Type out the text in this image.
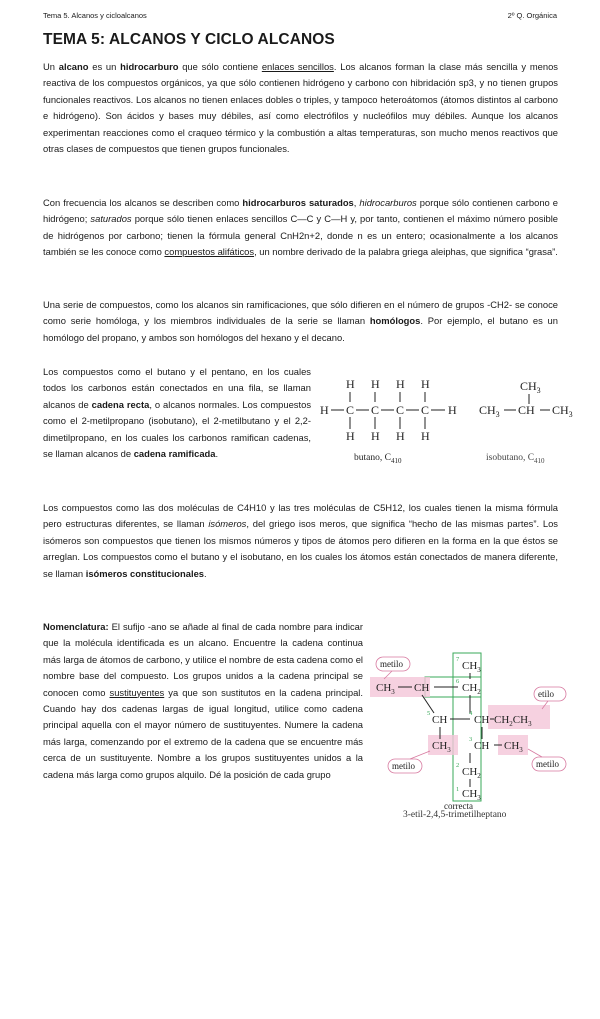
Tema 5. Alcanos y cicloalcanos	2º Q. Orgánica
TEMA 5: ALCANOS Y CICLO ALCANOS
Un alcano es un hidrocarburo que sólo contiene enlaces sencillos. Los alcanos forman la clase más sencilla y menos reactiva de los compuestos orgánicos, ya que sólo contienen hidrógeno y carbono con hibridación sp3, y no tienen grupos funcionales reactivos. Los alcanos no tienen enlaces dobles o triples, y tampoco heteroátomos (átomos distintos al carbono e hidrógeno). Son ácidos y bases muy débiles, así como electrófilos y nucleófilos muy débiles. Aunque los alcanos experimentan reacciones como el craqueo térmico y la combustión a altas temperaturas, son mucho menos reactivos que otras clases de compuestos que tienen grupos funcionales.
Con frecuencia los alcanos se describen como hidrocarburos saturados, hidrocarburos porque sólo contienen carbono e hidrógeno; saturados porque sólo tienen enlaces sencillos C—C y C—H y, por tanto, contienen el máximo número posible de hidrógenos por carbono; tienen la fórmula general CnH2n+2, donde n es un entero; ocasionalmente a los alcanos también se les conoce como compuestos alifáticos, un nombre derivado de la palabra griega aleiphas, que significa “grasa”.
Una serie de compuestos, como los alcanos sin ramificaciones, que sólo difieren en el número de grupos -CH2- se conoce como serie homóloga, y los miembros individuales de la serie se llaman homólogos. Por ejemplo, el butano es un homólogo del propano, y ambos son homólogos del hexano y el decano.
Los compuestos como el butano y el pentano, en los cuales todos los carbonos están conectados en una fila, se llaman alcanos de cadena recta, o alcanos normales. Los compuestos como el 2-metilpropano (isobutano), el 2-metilbutano y el 2,2-dimetilpropano, en los cuales los carbonos ramifican cadenas, se llaman alcanos de cadena ramificada.
H H H H
H C C C C H
H H H H
butano, $C_410$
$CH_3$
$CH_3$ CH $CH_3$
isobutano, $C_410$
Los compuestos como las dos moléculas de C4H10 y las tres moléculas de C5H12, los cuales tienen la misma fórmula pero estructuras diferentes, se llaman isómeros, del griego isos meros, que significa “hecho de las mismas partes”. Los isómeros son compuestos que tienen los mismos números y tipos de átomos pero difieren en la forma en la que éstos se arreglan. Los compuestos como el butano y el isobutano, en los cuales los átomos están conectados de manera diferente, se llaman isómeros constitucionales.
Nomenclatura: El sufijo -ano se añade al final de cada nombre para indicar que la molécula identificada es un alcano. Encuentre la cadena continua más larga de átomos de carbono, y utilice el nombre de esta cadena como el nombre base del compuesto. Los grupos unidos a la cadena principal se conocen como sustituyentes ya que son sustitutos en la cadena principal. Cuando hay dos cadenas largas de igual longitud, utilice como cadena principal aquella con el mayor número de sustituyentes. Numere la cadena más larga, comenzando por el extremo de la cadena que se encuentre más cerca de un sustituyente. Nombre a los grupos sustituyentes unidos a la cadena más larga como grupos alquilo. Dé la posición de cada grupo
metilo
etilo
metilo	metilo
$CH_3$
$CH_3$ CH	$CH_2$
CH CH $CH_2CH_3$
$CH_3$ CH $CH_3$
$CH_2$
$CH_3$
7
6
5	4
3
2
1
correcta
3-etil-2,4,5-trimetilheptano
